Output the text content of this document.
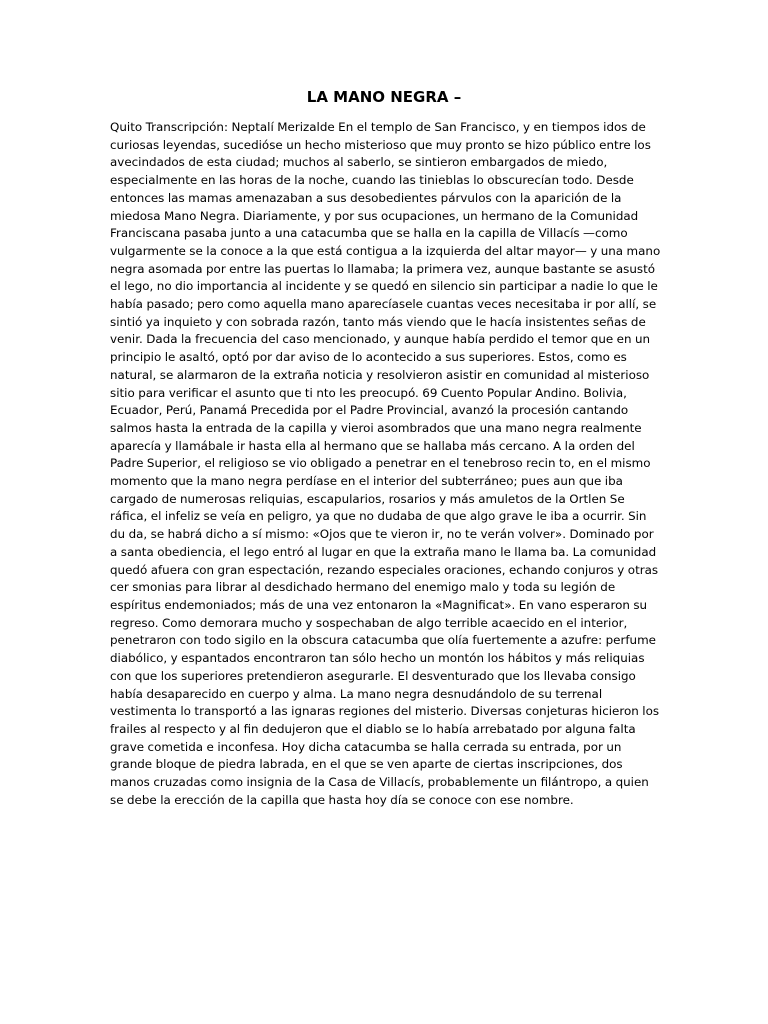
LA MANO NEGRA –

Quito Transcripción: Neptalí Merizalde En el templo de San Francisco, y en tiempos idos de curiosas leyendas, sucedióse un hecho misterioso que muy pronto se hizo público entre los avecindados de esta ciudad; muchos al saberlo, se sintieron embargados de miedo, especialmente en las horas de la noche, cuando las tinieblas lo obscurecían todo. Desde entonces las mamas amenazaban a sus desobedientes párvulos con la aparición de la miedosa Mano Negra. Diariamente, y por sus ocupaciones, un hermano de la Comunidad Franciscana pasaba junto a una catacumba que se halla en la capilla de Villacís —como vulgarmente se la conoce a la que está contigua a la izquierda del altar mayor— y una mano negra asomada por entre las puertas lo llamaba; la primera vez, aunque bastante se asustó el lego, no dio importancia al incidente y se quedó en silencio sin participar a nadie lo que le había pasado; pero como aquella mano aparecíasele cuantas veces necesitaba ir por allí, se sintió ya inquieto y con sobrada razón, tanto más viendo que le hacía insistentes señas de venir. Dada la frecuencia del caso mencionado, y aunque había perdido el temor que en un principio le asaltó, optó por dar aviso de lo acontecido a sus superiores. Estos, como es natural, se alarmaron de la extraña noticia y resolvieron asistir en comunidad al misterioso sitio para verificar el asunto que ti nto les preocupó. 69 Cuento Popular Andino. Bolivia, Ecuador, Perú, Panamá Precedida por el Padre Provincial, avanzó la procesión cantando salmos hasta la entrada de la capilla y vieroi asombrados que una mano negra realmente aparecía y llamábale ir hasta ella al hermano que se hallaba más cercano. A la orden del Padre Superior, el religioso se vio obligado a penetrar en el tenebroso recin to, en el mismo momento que la mano negra perdíase en el interior del subterráneo; pues aun que iba cargado de numerosas reliquias, escapularios, rosarios y más amuletos de la Ortlen Se ráfica, el infeliz se veía en peligro, ya que no dudaba de que algo grave le iba a ocurrir. Sin du da, se habrá dicho a sí mismo: «Ojos que te vieron ir, no te verán volver». Dominado por a santa obediencia, el lego entró al lugar en que la extraña mano le llama ba. La comunidad quedó afuera con gran espectación, rezando especiales oraciones, echando conjuros y otras cer smonias para librar al desdichado hermano del enemigo malo y toda su legión de espíritus endemoniados; más de una vez entonaron la «Magnificat». En vano esperaron su regreso. Como demorara mucho y sospechaban de algo terrible acaecido en el interior, penetraron con todo sigilo en la obscura catacumba que olía fuertemente a azufre: perfume diabólico, y espantados encontraron tan sólo hecho un montón los hábitos y más reliquias con que los superiores pretendieron asegurarle. El desventurado que los llevaba consigo había desaparecido en cuerpo y alma. La mano negra desnudándolo de su terrenal vestimenta lo transportó a las ignaras regiones del misterio. Diversas conjeturas hicieron los frailes al respecto y al fin dedujeron que el diablo se lo había arrebatado por alguna falta grave cometida e inconfesa. Hoy dicha catacumba se halla cerrada su entrada, por un grande bloque de piedra labrada, en el que se ven aparte de ciertas inscripciones, dos manos cruzadas como insignia de la Casa de Villacís, probablemente un filántropo, a quien se debe la erección de la capilla que hasta hoy día se conoce con ese nombre.
